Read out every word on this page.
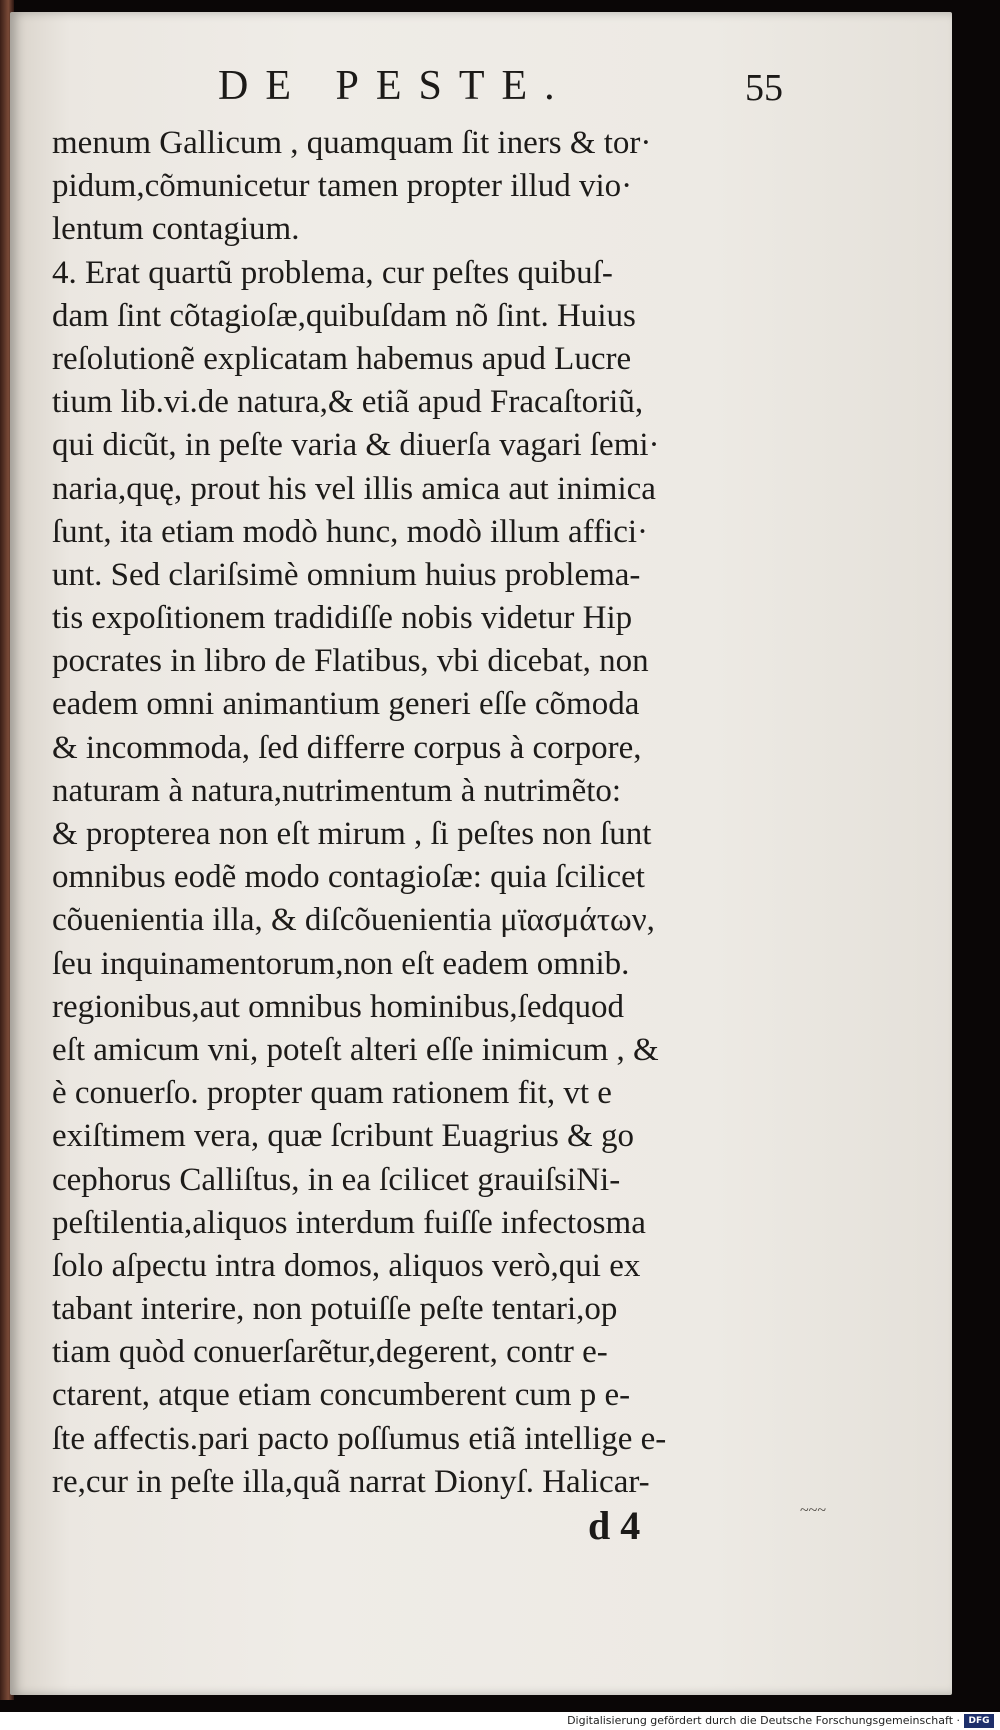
DE PESTE.	55
menum Gallicum , quamquam ſit iners & tor·
pidum,cõmunicetur tamen propter illud vio·
lentum contagium.
4. Erat quartũ problema, cur peſtes quibuſ-
dam ſint cõtagioſæ,quibuſdam nõ ſint. Huius
reſolutionẽ explicatam habemus apud Lucre
tium lib.vi.de natura,& etiã apud Fracaſtoriũ,
qui dicũt, in peſte varia & diuerſa vagari ſemi·
naria,quę, prout his vel illis amica aut inimica
ſunt, ita etiam modò hunc, modò illum affici·
unt. Sed clariſsimè omnium huius problema-
tis expoſitionem tradidiſſe nobis videtur Hip
pocrates in libro de Flatibus, vbi dicebat, non
eadem omni animantium generi eſſe cõmoda
& incommoda, ſed differre corpus à corpore,
naturam à natura,nutrimentum à nutrimẽto:
& propterea non eſt mirum , ſi peſtes non ſunt
omnibus eodẽ modo contagioſæ: quia ſcilicet
cõuenientia illa, & diſcõuenientia μϊασμάτων,
ſeu inquinamentorum,non eſt eadem omnib.
regionibus,aut omnibus hominibus,ſedquod
eſt amicum vni, poteſt alteri eſſe inimicum , &
è conuerſo. propter quam rationem fit, vt e
exiſtimem vera, quæ ſcribunt Euagrius & go
cephorus Calliſtus, in ea ſcilicet grauiſsiNi-
peſtilentia,aliquos interdum fuiſſe infectosma
ſolo aſpectu intra domos, aliquos verò,qui ex
tabant interire, non potuiſſe peſte tentari,op
tiam quòd conuerſarẽtur,degerent, contr e-
ctarent, atque etiam concumberent cum p e-
ſte affectis.pari pacto poſſumus etiã intellige e-
re,cur in peſte illa,quã narrat Dionyſ. Halicar-
d 4	~~~
Digitalisierung gefördert durch die Deutsche Forschungsgemeinschaft · DFG
